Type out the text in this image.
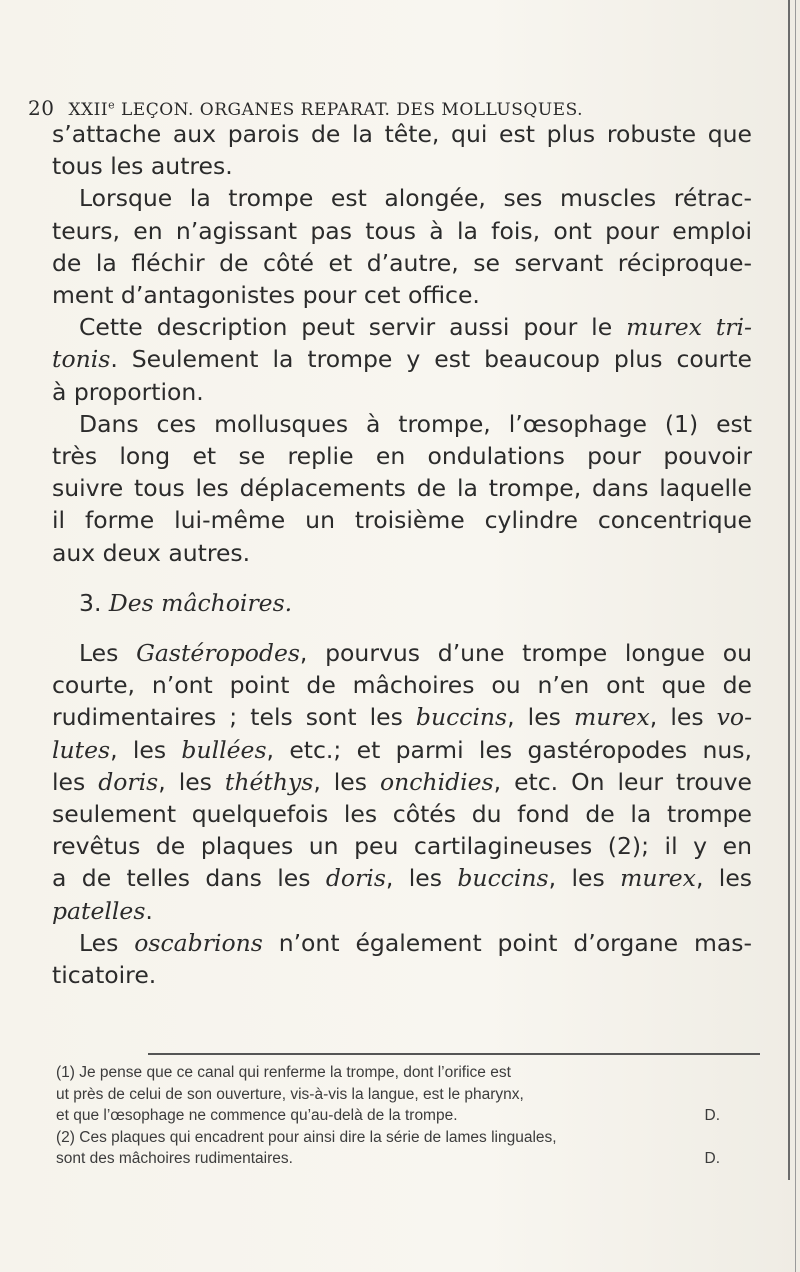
20 XXIIe LEÇON. ORGANES REPARAT. DES MOLLUSQUES.

s’attache aux parois de la tête, qui est plus robuste que

tous les autres.

Lorsque la trompe est alongée, ses muscles rétrac-

teurs, en n’agissant pas tous à la fois, ont pour emploi

de la fléchir de côté et d’autre, se servant réciproque-

ment d’antagonistes pour cet office.

Cette description peut servir aussi pour le murex tri-

tonis. Seulement la trompe y est beaucoup plus courte

à proportion.

Dans ces mollusques à trompe, l’œsophage (1) est

très long et se replie en ondulations pour pouvoir

suivre tous les déplacements de la trompe, dans laquelle

il forme lui-même un troisième cylindre concentrique

aux deux autres.

3. Des mâchoires.

Les Gastéropodes, pourvus d’une trompe longue ou

courte, n’ont point de mâchoires ou n’en ont que de

rudimentaires ; tels sont les buccins, les murex, les vo-

lutes, les bullées, etc.; et parmi les gastéropodes nus,

les doris, les théthys, les onchidies, etc. On leur trouve

seulement quelquefois les côtés du fond de la trompe

revêtus de plaques un peu cartilagineuses (2); il y en

a de telles dans les doris, les buccins, les murex, les

patelles.

Les oscabrions n’ont également point d’organe mas-

ticatoire.

(1) Je pense que ce canal qui renferme la trompe, dont l’orifice est

ut près de celui de son ouverture, vis-à-vis la langue, est le pharynx,

et que l’œsophage ne commence qu’au-delà de la trompe.	D.

(2) Ces plaques qui encadrent pour ainsi dire la série de lames linguales,

sont des mâchoires rudimentaires.	D.
